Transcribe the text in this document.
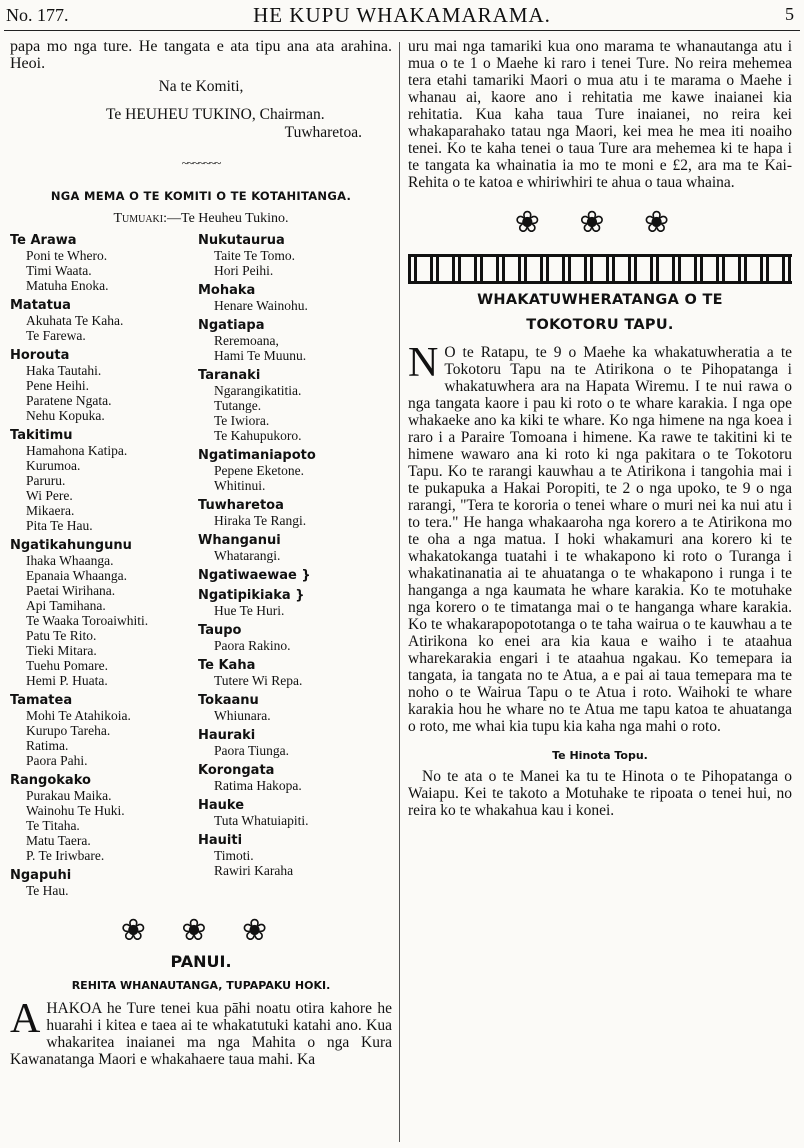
No. 177.	HE KUPU WHAKAMARAMA.	5

papa mo nga ture. He tangata e ata tipu ana ata arahina. Heoi.

Na te Komiti,

Te HEUHEU TUKINO, Chairman.

Tuwharetoa.

~~~~~~~
NGA MEMA O TE KOMITI O TE KOTAHITANGA.
Tumuaki:—Te Heuheu Tukino.
Te Arawa
Poni te Whero.
Timi Waata.
Matuha Enoka.
Matatua
Akuhata Te Kaha.
Te Farewa.
Horouta
Haka Tautahi.
Pene Heihi.
Paratene Ngata.
Nehu Kopuka.
Takitimu
Hamahona Katipa.
Kurumoa.
Paruru.
Wi Pere.
Mikaera.
Pita Te Hau.
Ngatikahungunu
Ihaka Whaanga.
Epanaia Whaanga.
Paetai Wirihana.
Api Tamihana.
Te Waaka Toroaiwhiti.
Patu Te Rito.
Tieki Mitara.
Tuehu Pomare.
Hemi P. Huata.
Tamatea
Mohi Te Atahikoia.
Kurupo Tareha.
Ratima.
Paora Pahi.
Rangokako
Purakau Maika.
Wainohu Te Huki.
Te Titaha.
Matu Taera.
P. Te Iriwbare.
Ngapuhi
Te Hau.
Nukutaurua
Taite Te Tomo.
Hori Peihi.
Mohaka
Henare Wainohu.
Ngatiapa
Reremoana,
Hami Te Muunu.
Taranaki
Ngarangikatitia.
Tutange.
Te Iwiora.
Te Kahupukoro.
Ngatimaniapoto
Pepene Eketone.
Whitinui.
Tuwharetoa
Hiraka Te Rangi.
Whanganui
Whatarangi.
Ngatiwaewae }
Ngatipikiaka }
Hue Te Huri.
Taupo
Paora Rakino.
Te Kaha
Tutere Wi Repa.
Tokaanu
Whiunara.
Hauraki
Paora Tiunga.
Korongata
Ratima Hakopa.
Hauke
Tuta Whatuiapiti.
Hauiti
Timoti.
Rawiri Karaha
❀ ❀ ❀
PANUI.
REHITA WHANAUTANGA, TUPAPAKU HOKI.

AHAKOA he Ture tenei kua pāhi noatu otira kahore he huarahi i kitea e taea ai te whakatutuki katahi ano. Kua whakaritea inaianei ma nga Mahita o nga Kura Kawanatanga Maori e whakahaere taua mahi. Ka

uru mai nga tamariki kua ono marama te whanautanga atu i mua o te 1 o Maehe ki raro i tenei Ture. No reira mehemea tera etahi tamariki Maori o mua atu i te marama o Maehe i whanau ai, kaore ano i rehitatia me kawe inaianei kia rehitatia. Kua kaha taua Ture inaianei, no reira kei whakaparahako tatau nga Maori, kei mea he mea iti noaiho tenei. Ko te kaha tenei o taua Ture ara mehemea ki te hapa i te tangata ka whainatia ia mo te moni e £2, ara ma te Kai-Rehita o te katoa e whiriwhiri te ahua o taua whaina.

❀ ❀ ❀
WHAKATUWHERATANGA O TE
TOKOTORU TAPU.

N O te Ratapu, te 9 o Maehe ka whakatuwheratia a te Tokotoru Tapu na te Atirikona o te Pihopatanga i whakatuwhera ara na Hapata Wiremu. I te nui rawa o nga tangata kaore i pau ki roto o te whare karakia. I nga ope whakaeke ano ka kiki te whare. Ko nga himene na nga koea i raro i a Paraire Tomoana i himene. Ka rawe te takitini ki te himene wawaro ana ki roto ki nga pakitara o te Tokotoru Tapu. Ko te rarangi kauwhau a te Atirikona i tangohia mai i te pukapuka a Hakai Poropiti, te 2 o nga upoko, te 9 o nga rarangi, "Tera te kororia o tenei whare o muri nei ka nui atu i to tera." He hanga whakaaroha nga korero a te Atirikona mo te oha a nga matua. I hoki whakamuri ana korero ki te whakatokanga tuatahi i te whakapono ki roto o Turanga i whakatinanatia ai te ahuatanga o te whakapono i runga i te hanganga a nga kaumata he whare karakia. Ko te motuhake nga korero o te timatanga mai o te hanganga whare karakia. Ko te whakarapopototanga o te taha wairua o te kauwhau a te Atirikona ko enei ara kia kaua e waiho i te ataahua wharekarakia engari i te ataahua ngakau. Ko temepara ia tangata, ia tangata no te Atua, a e pai ai taua temepara ma te noho o te Wairua Tapu o te Atua i roto. Waihoki te whare karakia hou he whare no te Atua me tapu katoa te ahuatanga o roto, me whai kia tupu kia kaha nga mahi o roto.

Te Hinota Topu.

No te ata o te Manei ka tu te Hinota o te Pihopatanga o Waiapu. Kei te takoto a Motuhake te ripoata o tenei hui, no reira ko te whakahua kau i konei.
